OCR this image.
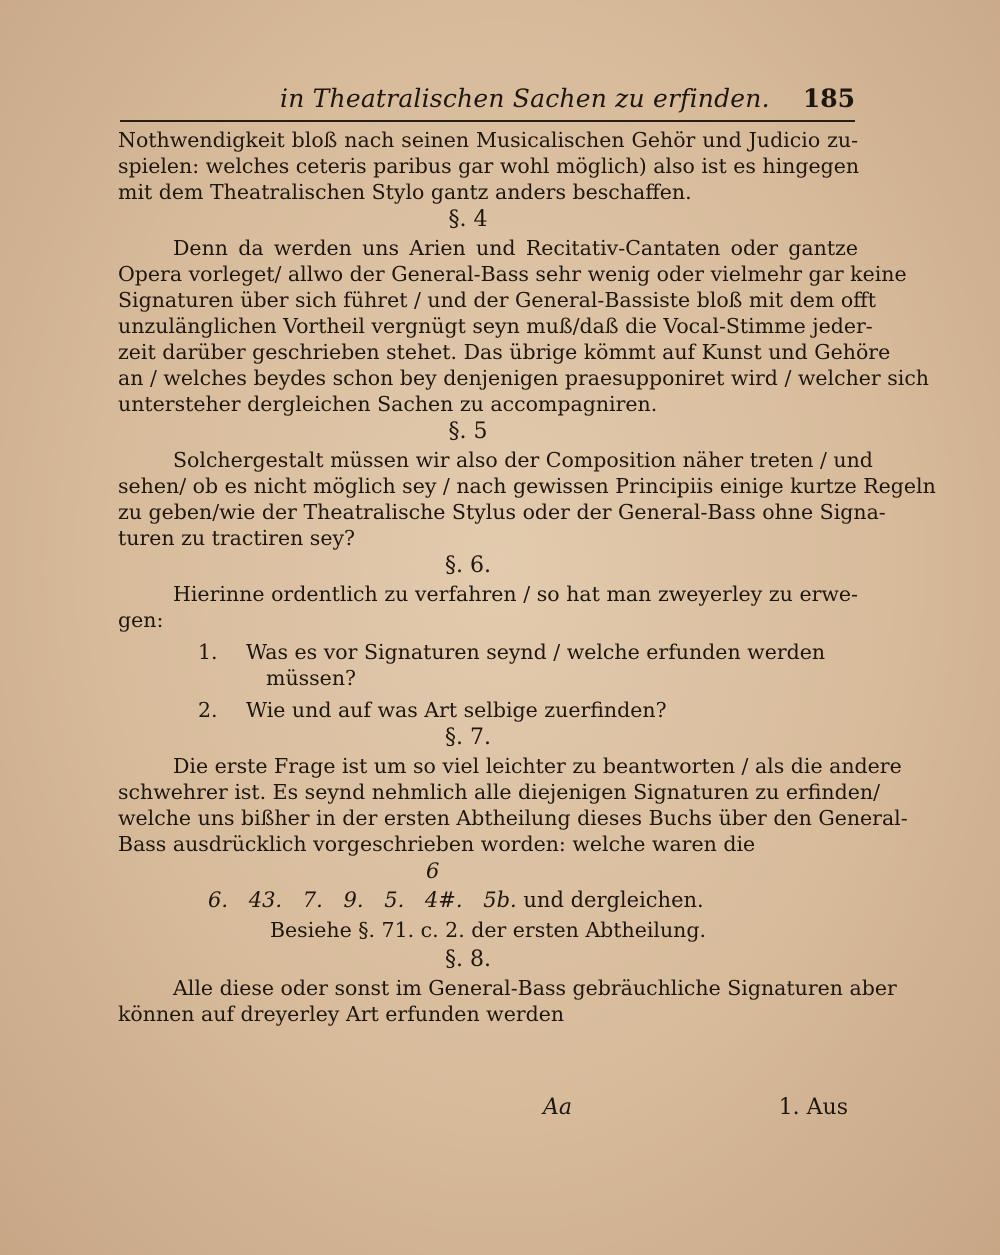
in Theatralischen Sachen zu erfinden. 185
Nothwendigkeit bloß nach seinen Musicalischen Gehör und Judicio zu-
spielen: welches ceteris paribus gar wohl möglich) also ist es hingegen
mit dem Theatralischen Stylo gantz anders beschaffen.
§. 4
Denn da werden uns Arien und Recitativ-Cantaten oder gantze
Opera vorleget/ allwo der General-Bass sehr wenig oder vielmehr gar keine
Signaturen über sich führet / und der General-Bassiste bloß mit dem offt
unzulänglichen Vortheil vergnügt seyn muß/daß die Vocal-Stimme jeder-
zeit darüber geschrieben stehet. Das übrige kömmt auf Kunst und Gehöre
an / welches beydes schon bey denjenigen praesupponiret wird / welcher sich
untersteher dergleichen Sachen zu accompagniren.
§. 5
Solchergestalt müssen wir also der Composition näher treten / und
sehen/ ob es nicht möglich sey / nach gewissen Principiis einige kurtze Regeln
zu geben/wie der Theatralische Stylus oder der General-Bass ohne Signa-
turen zu tractiren sey?
§. 6.
Hierinne ordentlich zu verfahren / so hat man zweyerley zu erwe-
gen:
1.	Was es vor Signaturen seynd / welche erfunden werden
müssen?
2.	Wie und auf was Art selbige zuerfinden?
§. 7.
Die erste Frage ist um so viel leichter zu beantworten / als die andere
schwehrer ist. Es seynd nehmlich alle diejenigen Signaturen zu erfinden/
welche uns bißher in der ersten Abtheilung dieses Buchs über den General-
Bass ausdrücklich vorgeschrieben worden: welche waren die
6
6. 43. 7. 9. 5. 4#. 5b. und dergleichen.
Besiehe §. 71. c. 2. der ersten Abtheilung.
§. 8.
Alle diese oder sonst im General-Bass gebräuchliche Signaturen aber
können auf dreyerley Art erfunden werden
Aa	1. Aus
